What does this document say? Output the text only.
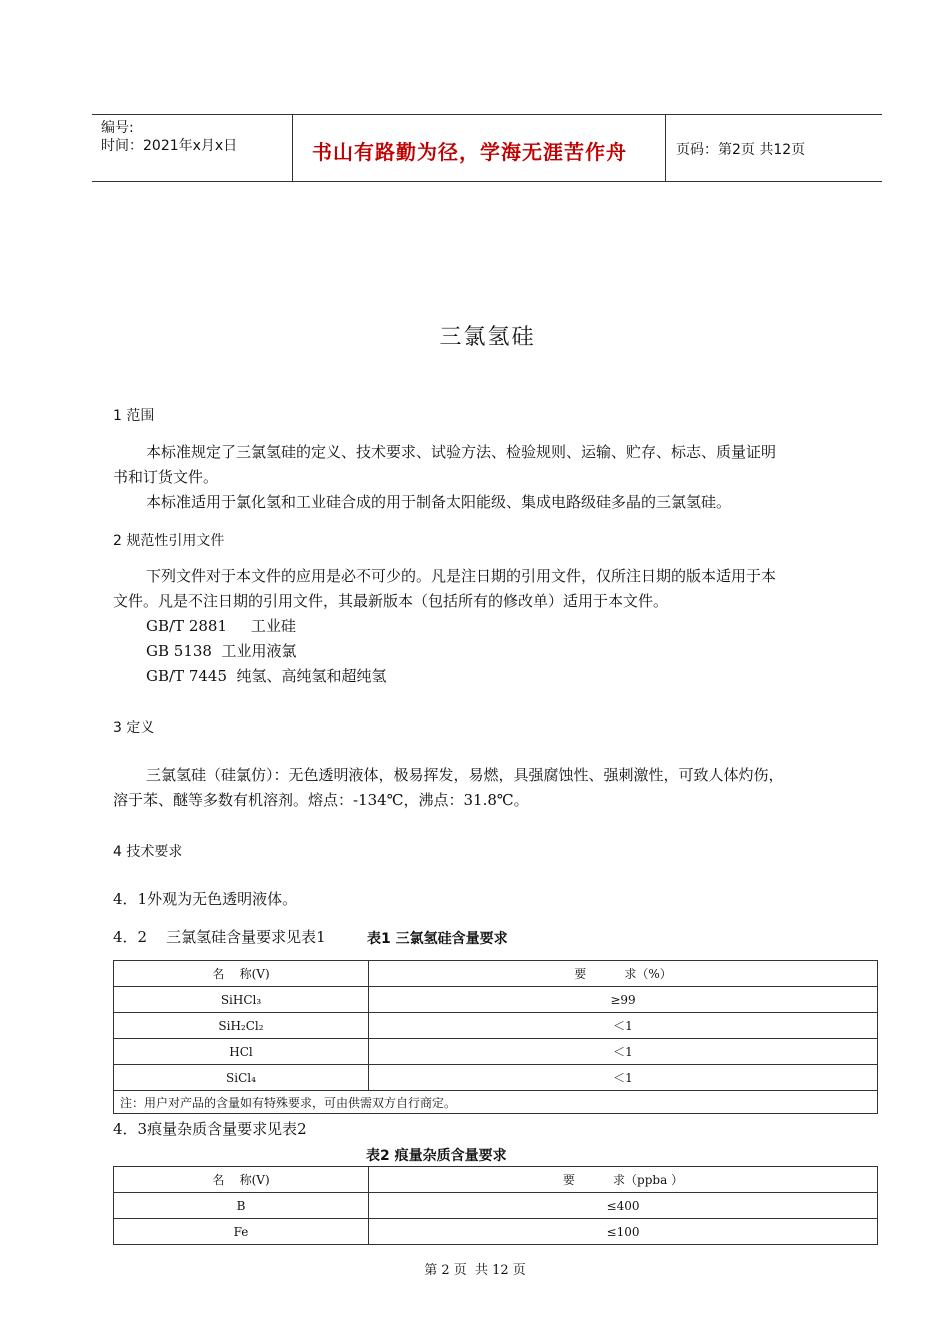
编号:
时间：2021年x月x日	书山有路勤为径，学海无涯苦作舟	页码：第2页 共12页
三氯氢硅
1 范围
本标准规定了三氯氢硅的定义、技术要求、试验方法、检验规则、运输、贮存、标志、质量证明
书和订货文件。
本标准适用于氯化氢和工业硅合成的用于制备太阳能级、集成电路级硅多晶的三氯氢硅。
2 规范性引用文件
下列文件对于本文件的应用是必不可少的。凡是注日期的引用文件，仅所注日期的版本适用于本
文件。凡是不注日期的引用文件，其最新版本（包括所有的修改单）适用于本文件。
GB/T 2881     工业硅
GB 5138  工业用液氯
GB/T 7445  纯氢、高纯氢和超纯氢
3 定义
三氯氢硅（硅氯仿）：无色透明液体，极易挥发，易燃，具强腐蚀性、强刺激性，可致人体灼伤，
溶于苯、醚等多数有机溶剂。熔点：-134℃，沸点：31.8℃。
4 技术要求
4．1外观为无色透明液体。
4．2    三氯氢硅含量要求见表1	表1 三氯氢硅含量要求
名    称(V)	要          求（%）
SiHCl₃	≥99
SiH₂Cl₂	＜1
HCl	＜1
SiCl₄	＜1
注：用户对产品的含量如有特殊要求，可由供需双方自行商定。	
4．3痕量杂质含量要求见表2
表2 痕量杂质含量要求
名    称(V)	要          求（ppba ）
B	≤400
Fe	≤100
第 2 页  共 12 页
